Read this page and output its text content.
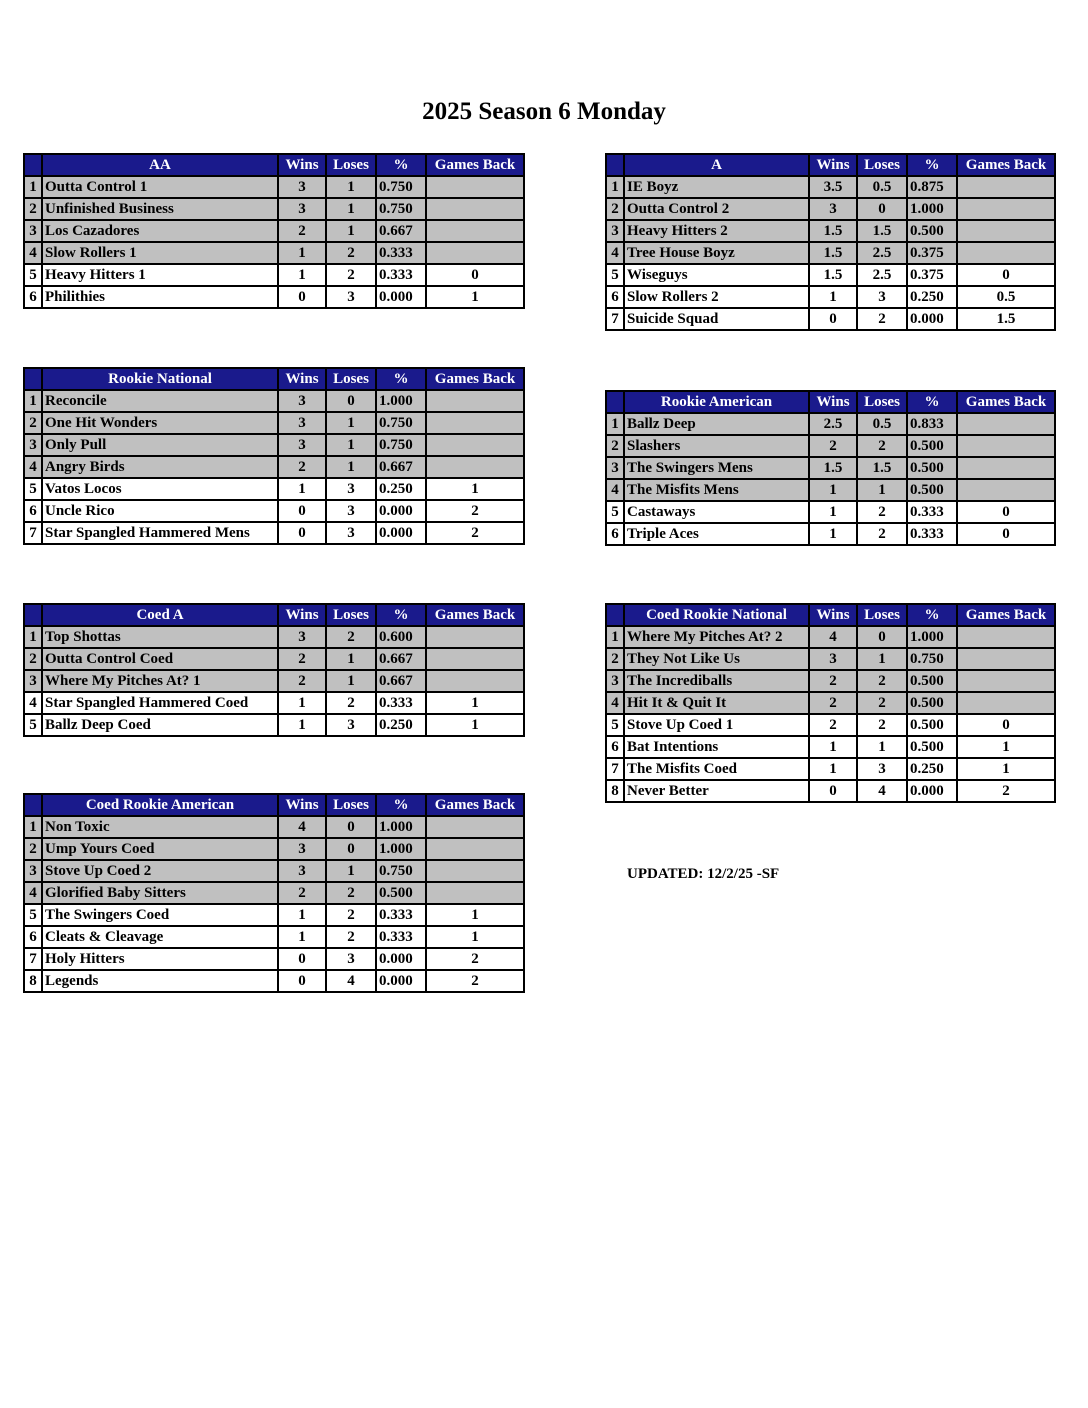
2025 Season 6 Monday
	AA	Wins	Loses	%	Games Back
1	Outta Control 1	3	1	0.750	
2	Unfinished Business	3	1	0.750	
3	Los Cazadores	2	1	0.667	
4	Slow Rollers 1	1	2	0.333	
5	Heavy Hitters 1	1	2	0.333	0
6	Philithies	0	3	0.000	1
	A	Wins	Loses	%	Games Back
1	IE Boyz	3.5	0.5	0.875	
2	Outta Control 2	3	0	1.000	
3	Heavy Hitters 2	1.5	1.5	0.500	
4	Tree House Boyz	1.5	2.5	0.375	
5	Wiseguys	1.5	2.5	0.375	0
6	Slow Rollers 2	1	3	0.250	0.5
7	Suicide Squad	0	2	0.000	1.5
	Rookie National	Wins	Loses	%	Games Back
1	Reconcile	3	0	1.000	
2	One Hit Wonders	3	1	0.750	
3	Only Pull	3	1	0.750	
4	Angry Birds	2	1	0.667	
5	Vatos Locos	1	3	0.250	1
6	Uncle Rico	0	3	0.000	2
7	Star Spangled Hammered Mens	0	3	0.000	2
	Rookie American	Wins	Loses	%	Games Back
1	Ballz Deep	2.5	0.5	0.833	
2	Slashers	2	2	0.500	
3	The Swingers Mens	1.5	1.5	0.500	
4	The Misfits Mens	1	1	0.500	
5	Castaways	1	2	0.333	0
6	Triple Aces	1	2	0.333	0
	Coed A	Wins	Loses	%	Games Back
1	Top Shottas	3	2	0.600	
2	Outta Control Coed	2	1	0.667	
3	Where My Pitches At? 1	2	1	0.667	
4	Star Spangled Hammered Coed	1	2	0.333	1
5	Ballz Deep Coed	1	3	0.250	1
	Coed Rookie National	Wins	Loses	%	Games Back
1	Where My Pitches At? 2	4	0	1.000	
2	They Not Like Us	3	1	0.750	
3	The Incrediballs	2	2	0.500	
4	Hit It & Quit It	2	2	0.500	
5	Stove Up Coed 1	2	2	0.500	0
6	Bat Intentions	1	1	0.500	1
7	The Misfits Coed	1	3	0.250	1
8	Never Better	0	4	0.000	2
	Coed Rookie American	Wins	Loses	%	Games Back
1	Non Toxic	4	0	1.000	
2	Ump Yours Coed	3	0	1.000	
3	Stove Up Coed 2	3	1	0.750	
4	Glorified Baby Sitters	2	2	0.500	
5	The Swingers Coed	1	2	0.333	1
6	Cleats & Cleavage	1	2	0.333	1
7	Holy Hitters	0	3	0.000	2
8	Legends	0	4	0.000	2
UPDATED: 12/2/25 -SF
